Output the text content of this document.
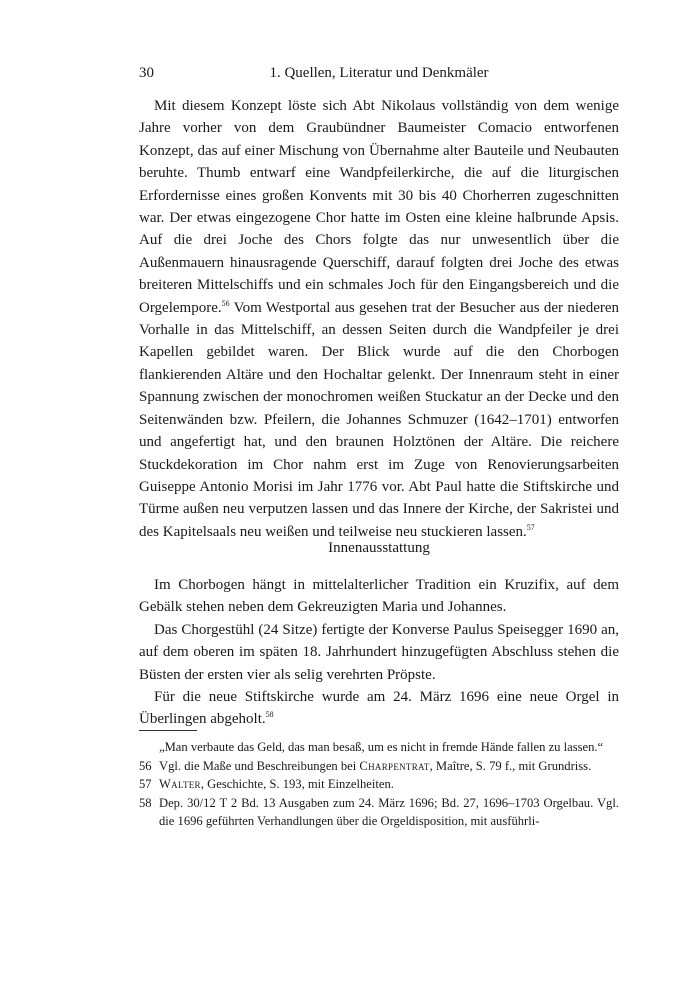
30	1. Quellen, Literatur und Denkmäler

Mit diesem Konzept löste sich Abt Nikolaus vollständig von dem wenige Jahre vorher von dem Graubündner Baumeister Comacio entworfenen Konzept, das auf einer Mischung von Übernahme alter Bauteile und Neubauten beruhte. Thumb entwarf eine Wandpfeilerkirche, die auf die liturgischen Erfordernisse eines großen Konvents mit 30 bis 40 Chorherren zugeschnitten war. Der etwas eingezogene Chor hatte im Osten eine kleine halbrunde Apsis. Auf die drei Joche des Chors folgte das nur unwesentlich über die Außenmauern hinausragende Querschiff, darauf folgten drei Joche des etwas breiteren Mittelschiffs und ein schmales Joch für den Eingangsbereich und die Orgelempore.$^{56}$ Vom Westportal aus gesehen trat der Besucher aus der niederen Vorhalle in das Mittelschiff, an dessen Seiten durch die Wandpfeiler je drei Kapellen gebildet waren. Der Blick wurde auf die den Chorbogen flankierenden Altäre und den Hochaltar gelenkt. Der Innenraum steht in einer Spannung zwischen der monochromen weißen Stuckatur an der Decke und den Seitenwänden bzw. Pfeilern, die Johannes Schmuzer (1642–1701) entworfen und angefertigt hat, und den braunen Holztönen der Altäre. Die reichere Stuckdekoration im Chor nahm erst im Zuge von Renovierungsarbeiten Guiseppe Antonio Morisi im Jahr 1776 vor. Abt Paul hatte die Stiftskirche und Türme außen neu verputzen lassen und das Innere der Kirche, der Sakristei und des Kapitelsaals neu weißen und teilweise neu stuckieren lassen.$^{57}$

Innenausstattung

Im Chorbogen hängt in mittelalterlicher Tradition ein Kruzifix, auf dem Gebälk stehen neben dem Gekreuzigten Maria und Johannes.

Das Chorgestühl (24 Sitze) fertigte der Konverse Paulus Speisegger 1690 an, auf dem oberen im späten 18. Jahrhundert hinzugefügten Abschluss stehen die Büsten der ersten vier als selig verehrten Pröpste.

Für die neue Stiftskirche wurde am 24. März 1696 eine neue Orgel in Überlingen abgeholt.$^{58}$

„Man verbaute das Geld, das man besaß, um es nicht in fremde Hände fallen zu lassen.“
56 Vgl. die Maße und Beschreibungen bei Charpentrat, Maître, S. 79 f., mit Grundriss.
57 Walter, Geschichte, S. 193, mit Einzelheiten.
58 Dep. 30/12 T 2 Bd. 13 Ausgaben zum 24. März 1696; Bd. 27, 1696–1703 Orgelbau. Vgl. die 1696 geführten Verhandlungen über die Orgeldisposition, mit ausführli-
